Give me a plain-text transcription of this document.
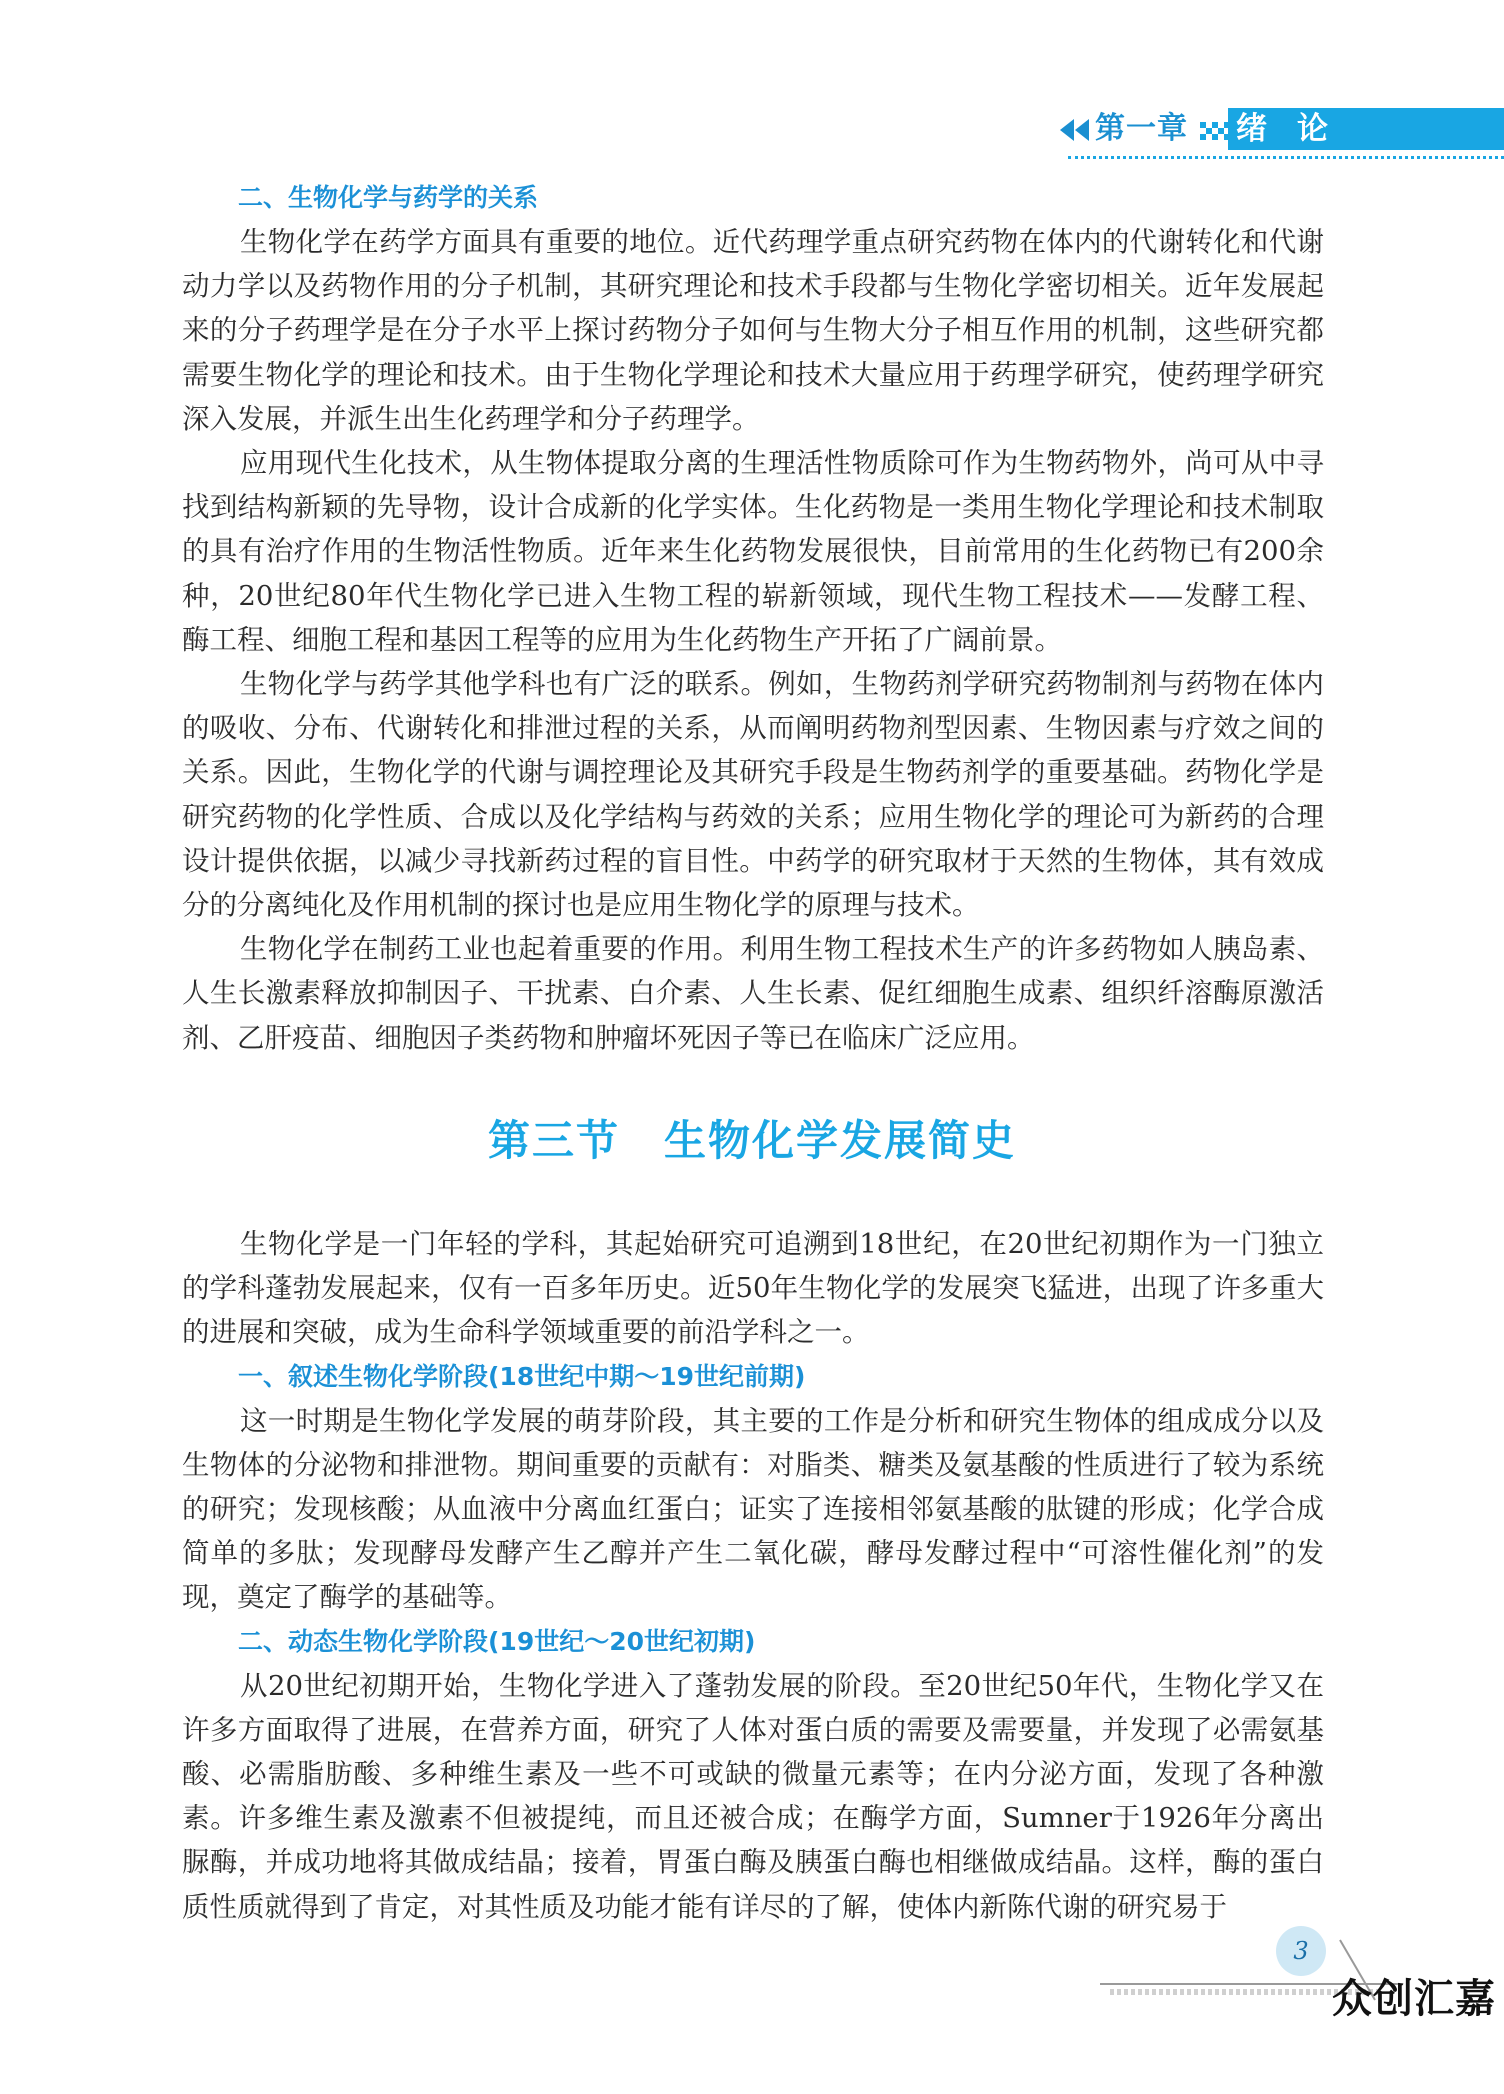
第一章 绪论

二、生物化学与药学的关系

生物化学在药学方面具有重要的地位。近代药理学重点研究药物在体内的代谢转化和代谢动力学以及药物作用的分子机制，其研究理论和技术手段都与生物化学密切相关。近年发展起来的分子药理学是在分子水平上探讨药物分子如何与生物大分子相互作用的机制，这些研究都需要生物化学的理论和技术。由于生物化学理论和技术大量应用于药理学研究，使药理学研究深入发展，并派生出生化药理学和分子药理学。

应用现代生化技术，从生物体提取分离的生理活性物质除可作为生物药物外，尚可从中寻找到结构新颖的先导物，设计合成新的化学实体。生化药物是一类用生物化学理论和技术制取的具有治疗作用的生物活性物质。近年来生化药物发展很快，目前常用的生化药物已有200余种，20世纪80年代生物化学已进入生物工程的崭新领域，现代生物工程技术——发酵工程、酶工程、细胞工程和基因工程等的应用为生化药物生产开拓了广阔前景。

生物化学与药学其他学科也有广泛的联系。例如，生物药剂学研究药物制剂与药物在体内的吸收、分布、代谢转化和排泄过程的关系，从而阐明药物剂型因素、生物因素与疗效之间的关系。因此，生物化学的代谢与调控理论及其研究手段是生物药剂学的重要基础。药物化学是研究药物的化学性质、合成以及化学结构与药效的关系；应用生物化学的理论可为新药的合理设计提供依据，以减少寻找新药过程的盲目性。中药学的研究取材于天然的生物体，其有效成分的分离纯化及作用机制的探讨也是应用生物化学的原理与技术。

生物化学在制药工业也起着重要的作用。利用生物工程技术生产的许多药物如人胰岛素、人生长激素释放抑制因子、干扰素、白介素、人生长素、促红细胞生成素、组织纤溶酶原激活剂、乙肝疫苗、细胞因子类药物和肿瘤坏死因子等已在临床广泛应用。

第三节　生物化学发展简史

生物化学是一门年轻的学科，其起始研究可追溯到18世纪，在20世纪初期作为一门独立的学科蓬勃发展起来，仅有一百多年历史。近50年生物化学的发展突飞猛进，出现了许多重大的进展和突破，成为生命科学领域重要的前沿学科之一。

一、叙述生物化学阶段(18世纪中期～19世纪前期)

这一时期是生物化学发展的萌芽阶段，其主要的工作是分析和研究生物体的组成成分以及生物体的分泌物和排泄物。期间重要的贡献有：对脂类、糖类及氨基酸的性质进行了较为系统的研究；发现核酸；从血液中分离血红蛋白；证实了连接相邻氨基酸的肽键的形成；化学合成简单的多肽；发现酵母发酵产生乙醇并产生二氧化碳，酵母发酵过程中“可溶性催化剂”的发现，奠定了酶学的基础等。

二、动态生物化学阶段(19世纪～20世纪初期)

从20世纪初期开始，生物化学进入了蓬勃发展的阶段。至20世纪50年代，生物化学又在许多方面取得了进展，在营养方面，研究了人体对蛋白质的需要及需要量，并发现了必需氨基酸、必需脂肪酸、多种维生素及一些不可或缺的微量元素等；在内分泌方面，发现了各种激素。许多维生素及激素不但被提纯，而且还被合成；在酶学方面，Sumner于1926年分离出脲酶，并成功地将其做成结晶；接着，胃蛋白酶及胰蛋白酶也相继做成结晶。这样，酶的蛋白质性质就得到了肯定，对其性质及功能才能有详尽的了解，使体内新陈代谢的研究易于

3
众创汇嘉
